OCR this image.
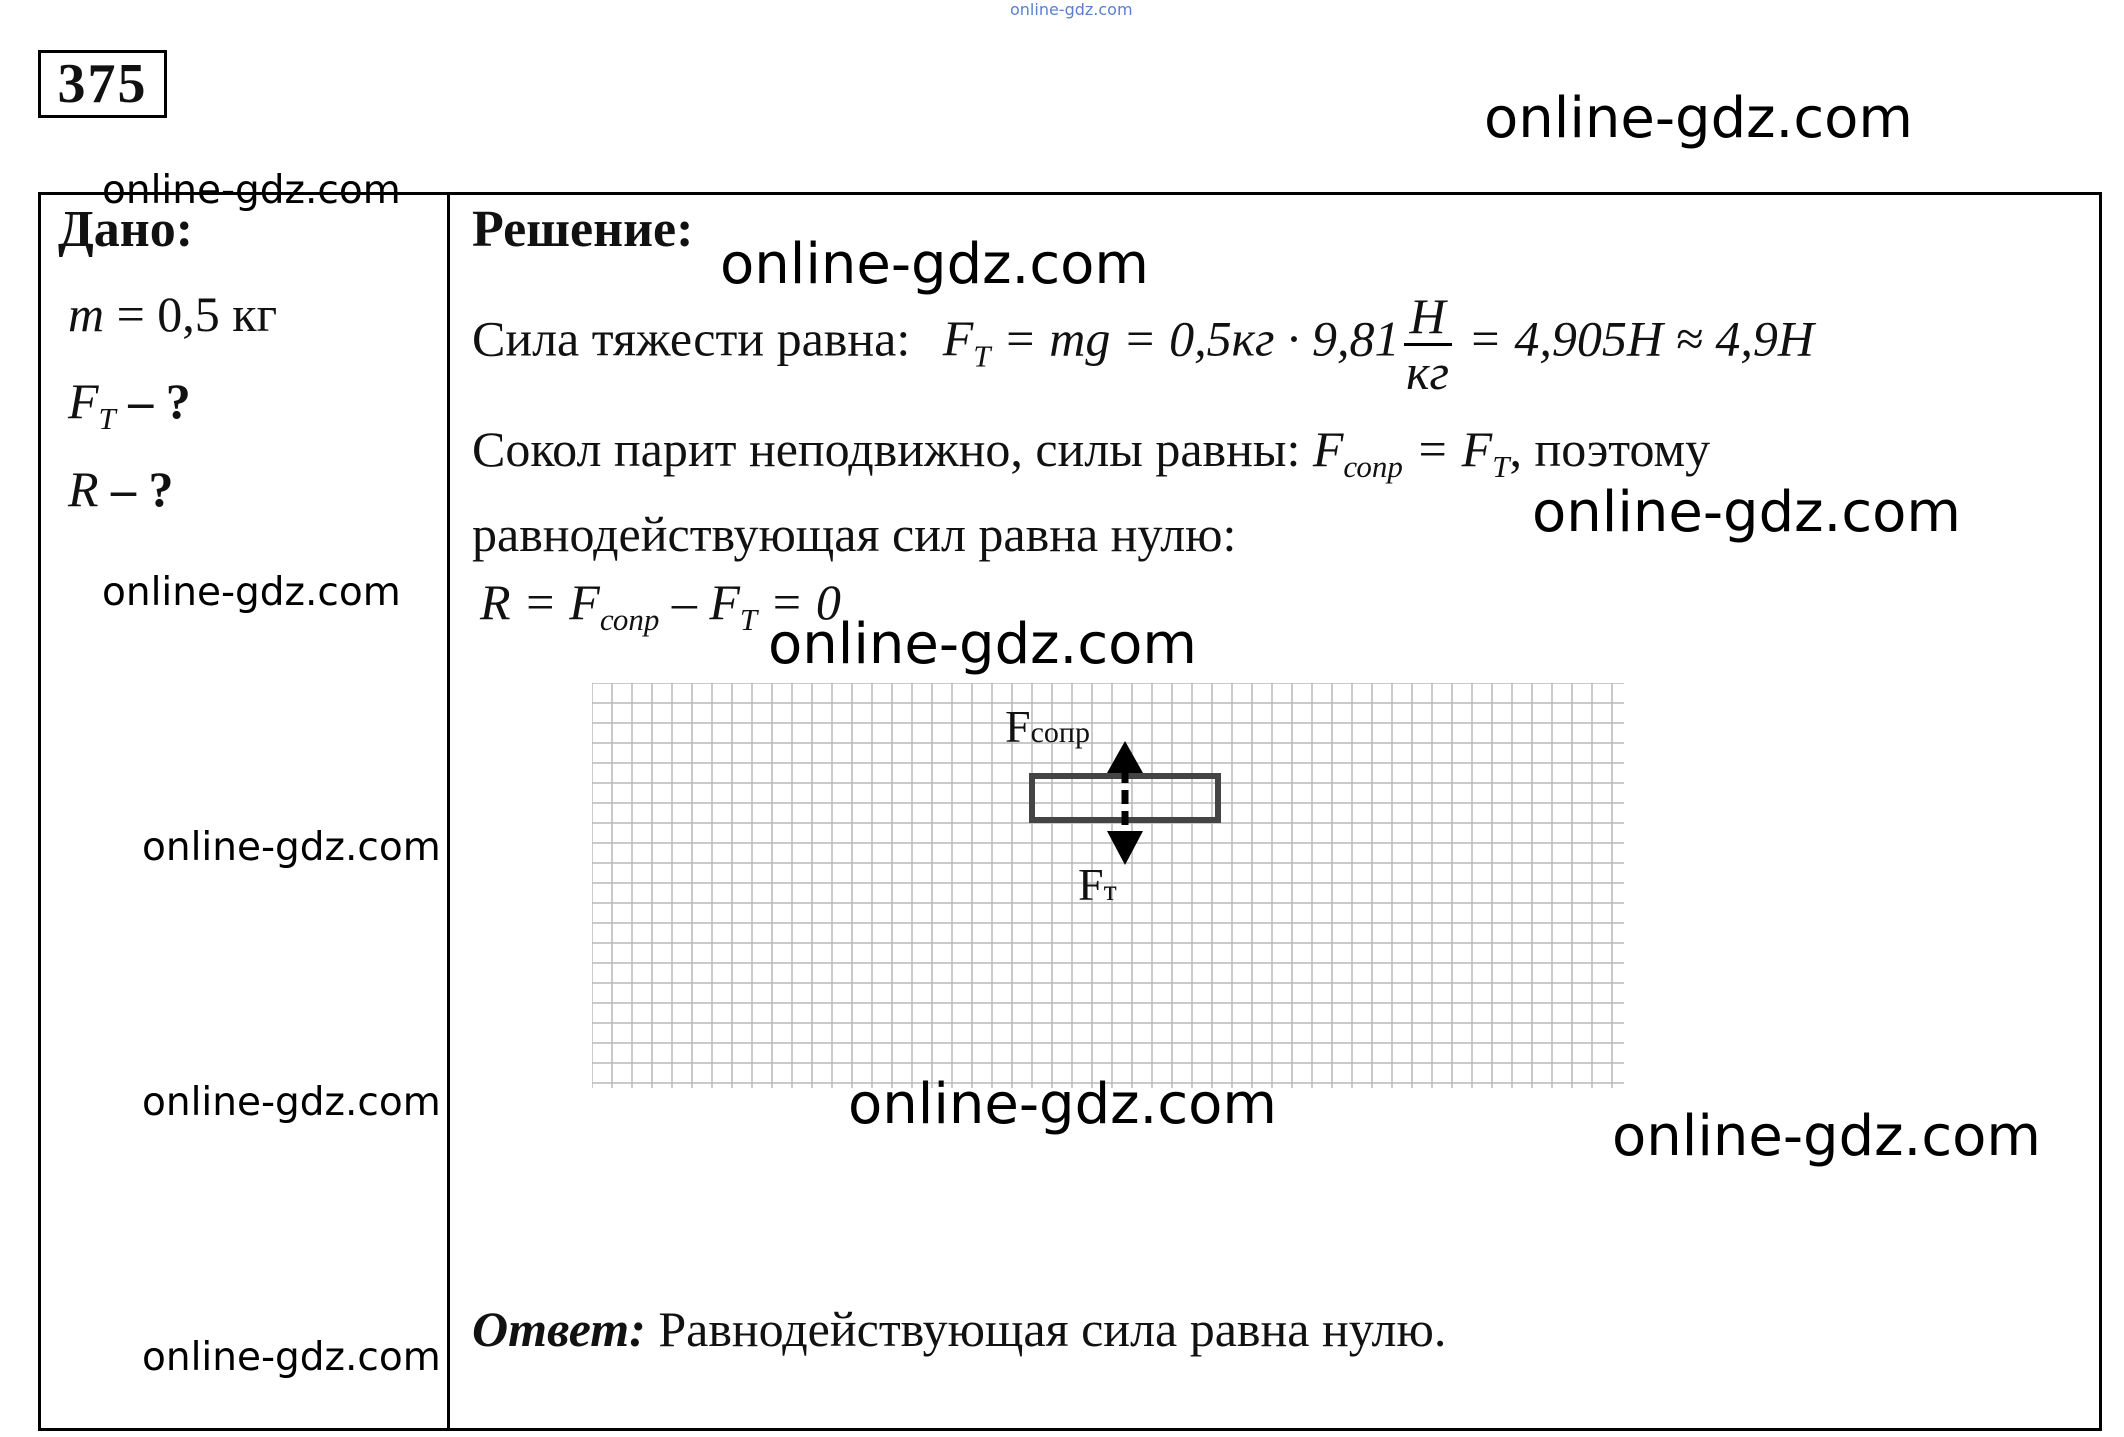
online-gdz.com
375
online-gdz.com
online-gdz.com
Дано:
m = 0,5 кг
$F_T$ – ?
R – ?
online-gdz.com
online-gdz.com
online-gdz.com
online-gdz.com
Решение:
online-gdz.com
Сила тяжести равна: $F_T$ = mg = $0,5кг \cdot 9,81 \frac{Н}{кг} = 4,905Н \approx 4,9Н$
Сокол парит неподвижно, силы равны: $F_{сопр} = F_T$, поэтому
online-gdz.com
равнодействующая сил равна нулю:
$R = F_{сопр} - F_T = 0$
online-gdz.com
Fсопр
Fт
online-gdz.com	online-gdz.com
Ответ: Равнодействующая сила равна нулю.
